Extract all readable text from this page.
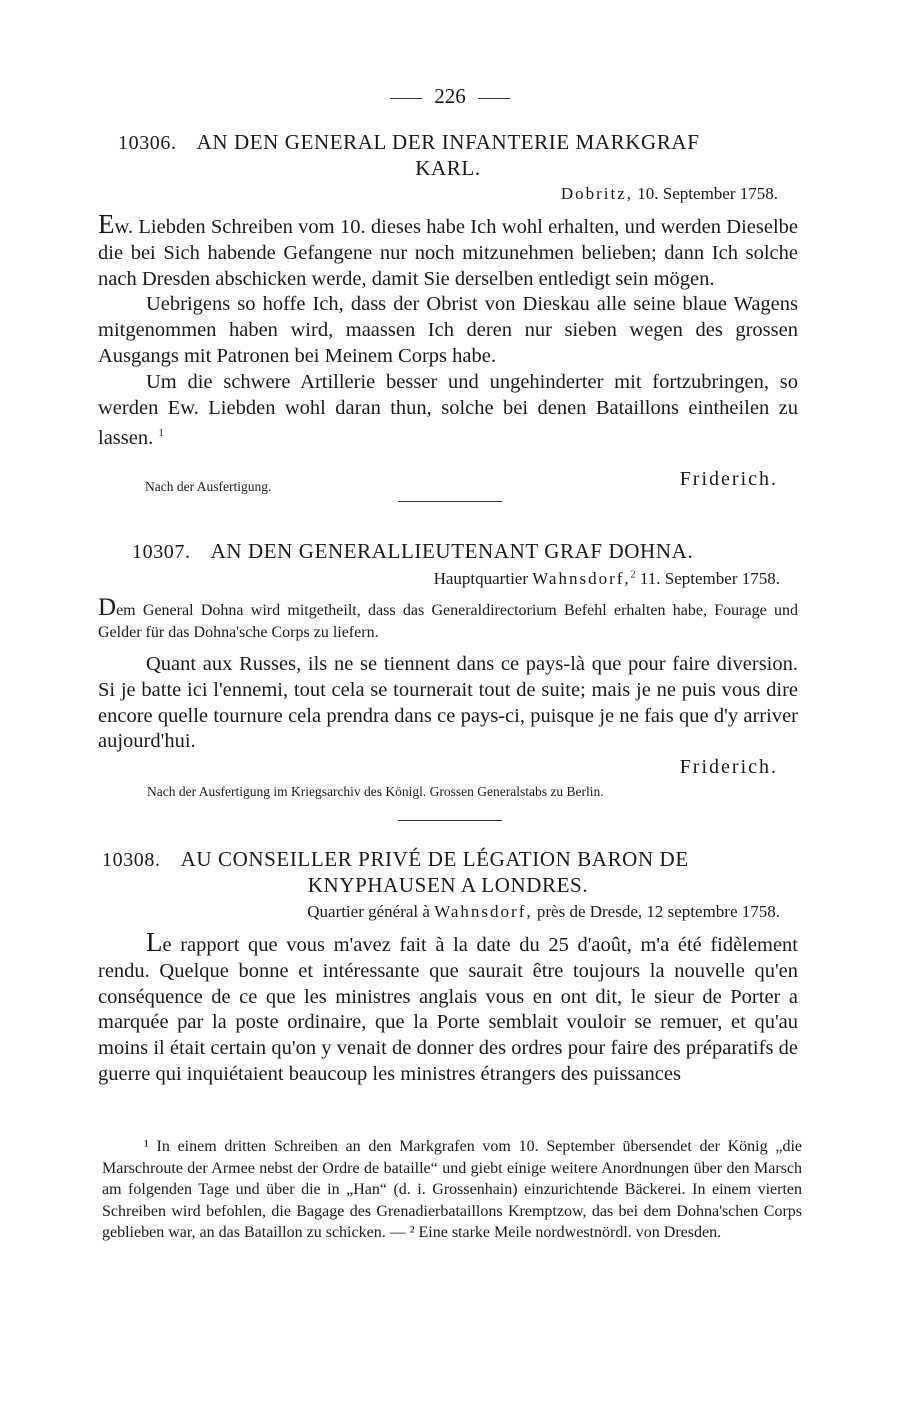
226
10306. AN DEN GENERAL DER INFANTERIE MARKGRAF
KARL.
Dobritz, 10. September 1758.

Ew. Liebden Schreiben vom 10. dieses habe Ich wohl erhalten, und werden Dieselbe die bei Sich habende Gefangene nur noch mitzunehmen belieben; dann Ich solche nach Dresden abschicken werde, damit Sie derselben entledigt sein mögen.

Uebrigens so hoffe Ich, dass der Obrist von Dieskau alle seine blaue Wagens mitgenommen haben wird, maassen Ich deren nur sieben wegen des grossen Ausgangs mit Patronen bei Meinem Corps habe.

Um die schwere Artillerie besser und ungehinderter mit fortzubringen, so werden Ew. Liebden wohl daran thun, solche bei denen Bataillons eintheilen zu lassen. $^1$

Nach der Ausfertigung.	Friderich.
10307. AN DEN GENERALLIEUTENANT GRAF DOHNA.
Hauptquartier Wahnsdorf,$^2$ 11. September 1758.
Dem General Dohna wird mitgetheilt, dass das Generaldirectorium Befehl erhalten habe, Fourage und Gelder für das Dohna'sche Corps zu liefern.

Quant aux Russes, ils ne se tiennent dans ce pays-là que pour faire diversion. Si je batte ici l'ennemi, tout cela se tournerait tout de suite; mais je ne puis vous dire encore quelle tournure cela prendra dans ce pays-ci, puisque je ne fais que d'y arriver aujourd'hui.

Friderich.
Nach der Ausfertigung im Kriegsarchiv des Königl. Grossen Generalstabs zu Berlin.
10308. AU CONSEILLER PRIVÉ DE LÉGATION BARON DE
KNYPHAUSEN A LONDRES.
Quartier général à Wahnsdorf, près de Dresde, 12 septembre 1758.

Le rapport que vous m'avez fait à la date du 25 d'août, m'a été fidèlement rendu. Quelque bonne et intéressante que saurait être toujours la nouvelle qu'en conséquence de ce que les ministres anglais vous en ont dit, le sieur de Porter a marquée par la poste ordinaire, que la Porte semblait vouloir se remuer, et qu'au moins il était certain qu'on y venait de donner des ordres pour faire des préparatifs de guerre qui inquiétaient beaucoup les ministres étrangers des puissances

¹ In einem dritten Schreiben an den Markgrafen vom 10. September übersendet der König „die Marschroute der Armee nebst der Ordre de bataille“ und giebt einige weitere Anordnungen über den Marsch am folgenden Tage und über die in „Han“ (d. i. Grossenhain) einzurichtende Bäckerei. In einem vierten Schreiben wird befohlen, die Bagage des Grenadierbataillons Kremptzow, das bei dem Dohna'schen Corps geblieben war, an das Bataillon zu schicken. — ² Eine starke Meile nordwestnördl. von Dresden.
